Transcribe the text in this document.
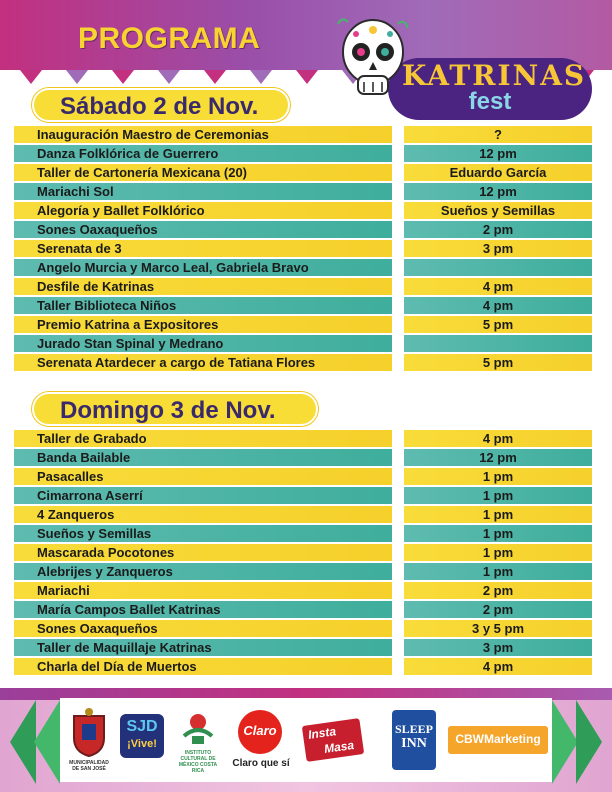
PROGRAMA
KATRINAS
fest
Sábado 2 de Nov.
Inauguración Maestro de Ceremonias	?
Danza Folklórica de Guerrero	12 pm
Taller de Cartonería Mexicana (20)	Eduardo García
Mariachi Sol	12 pm
Alegoría y Ballet Folklórico	Sueños y Semillas
Sones Oaxaqueños	2 pm
Serenata de 3	3 pm
Angelo Murcia y Marco Leal, Gabriela Bravo
Desfile de Katrinas	4 pm
Taller Biblioteca Niños	4 pm
Premio Katrina a Expositores	5 pm
Jurado Stan Spinal y Medrano
Serenata Atardecer a cargo de Tatiana Flores	5 pm
Domingo 3 de Nov.
Taller de Grabado	4 pm
Banda Bailable	12 pm
Pasacalles	1 pm
Cimarrona Aserrí	1 pm
4 Zanqueros	1 pm
Sueños y Semillas	1 pm
Mascarada Pocotones	1 pm
Alebrijes y Zanqueros	1 pm
Mariachi	2 pm
María Campos Ballet Katrinas	2 pm
Sones Oaxaqueños	3 y 5 pm
Taller de Maquillaje Katrinas	3 pm
Charla del Día de Muertos	4 pm
MUNICIPALIDAD DE SAN JOSÉ
SJD
¡Vive!
INSTITUTO CULTURAL DE MÉXICO COSTA RICA
Claro
Claro que sí
Insta
Masa
SLEEP
INN	CBWMarketing
